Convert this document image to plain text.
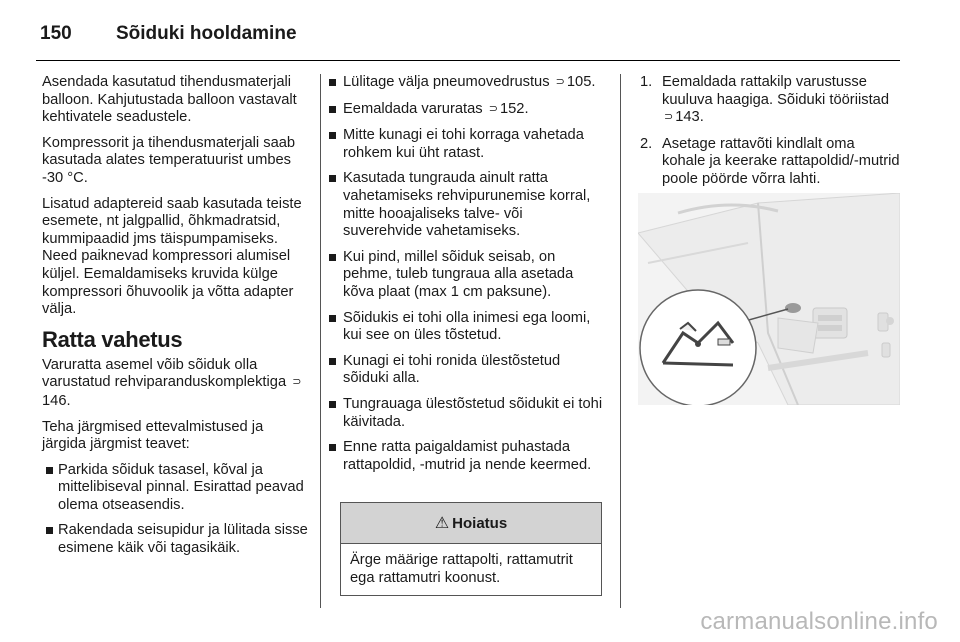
150	Sõiduki hooldamine

Asendada kasutatud tihendusmaterjali balloon. Kahjutustada balloon vastavalt kehtivatele seadustele.

Kompressorit ja tihendusmaterjali saab kasutada alates temperatuurist umbes -30 °C.

Lisatud adaptereid saab kasutada teiste esemete, nt jalgpallid, õhkmadratsid, kummipaadid jms täispumpamiseks. Need paiknevad kompressori alumisel küljel. Eemaldamiseks kruvida külge kompressori õhuvoolik ja võtta adapter välja.

Ratta vahetus

Varuratta asemel võib sõiduk olla varustatud rehviparanduskomplektiga ⊃146.

Teha järgmised ettevalmistused ja järgida järgmist teavet:

Parkida sõiduk tasasel, kõval ja mittelibiseval pinnal. Esirattad peavad olema otseasendis.
Rakendada seisupidur ja lülitada sisse esimene käik või tagasikäik.
Lülitage välja pneumovedrustus ⊃ 105.
Eemaldada varuratas ⊃ 152.
Mitte kunagi ei tohi korraga vahetada rohkem kui üht ratast.
Kasutada tungrauda ainult ratta vahetamiseks rehvipurunemise korral, mitte hooajaliseks talve- või suverehvide vahetamiseks.
Kui pind, millel sõiduk seisab, on pehme, tuleb tungraua alla asetada kõva plaat (max 1 cm paksune).
Sõidukis ei tohi olla inimesi ega loomi, kui see on üles tõstetud.
Kunagi ei tohi ronida ülestõstetud sõiduki alla.
Tungrauaga ülestõstetud sõidukit ei tohi käivitada.
Enne ratta paigaldamist puhastada rattapoldid, -mutrid ja nende keermed.
⚠ Hoiatus
Ärge määrige rattapolti, rattamutrit ega rattamutri koonust.
1. Eemaldada rattakilp varustusse kuuluva haagiga. Sõiduki tööriistad ⊃ 143.
2. Asetage rattavõti kindlalt oma kohale ja keerake rattapoldid/-mutrid poole pöörde võrra lahti.
carmanualsonline.info
